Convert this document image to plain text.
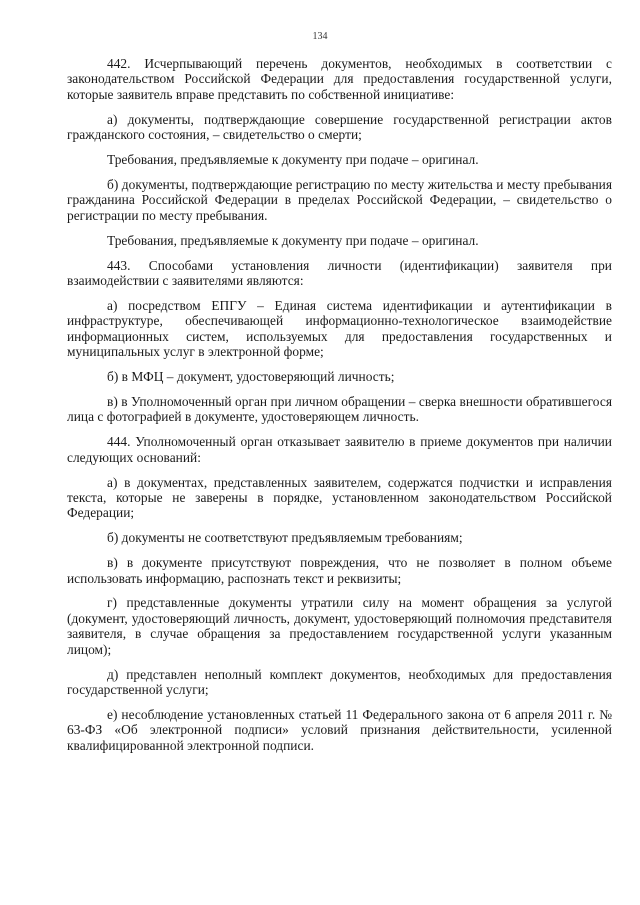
134

442. Исчерпывающий перечень документов, необходимых в соответствии с законодательством Российской Федерации для предоставления государственной услуги, которые заявитель вправе представить по собственной инициативе:

а) документы, подтверждающие совершение государственной регистрации актов гражданского состояния, – свидетельство о смерти;

Требования, предъявляемые к документу при подаче – оригинал.

б) документы, подтверждающие регистрацию по месту жительства и месту пребывания гражданина Российской Федерации в пределах Российской Федерации, – свидетельство о регистрации по месту пребывания.

Требования, предъявляемые к документу при подаче – оригинал.

443. Способами установления личности (идентификации) заявителя при взаимодействии с заявителями являются:

а) посредством ЕПГУ – Единая система идентификации и аутентификации в инфраструктуре, обеспечивающей информационно-технологическое взаимодействие информационных систем, используемых для предоставления государственных и муниципальных услуг в электронной форме;

б) в МФЦ – документ, удостоверяющий личность;

в) в Уполномоченный орган при личном обращении – сверка внешности обратившегося лица с фотографией в документе, удостоверяющем личность.

444. Уполномоченный орган отказывает заявителю в приеме документов при наличии следующих оснований:

а) в документах, представленных заявителем, содержатся подчистки и исправления текста, которые не заверены в порядке, установленном законодательством Российской Федерации;

б) документы не соответствуют предъявляемым требованиям;

в) в документе присутствуют повреждения, что не позволяет в полном объеме использовать информацию, распознать текст и реквизиты;

г) представленные документы утратили силу на момент обращения за услугой (документ, удостоверяющий личность, документ, удостоверяющий полномочия представителя заявителя, в случае обращения за предоставлением государственной услуги указанным лицом);

д) представлен неполный комплект документов, необходимых для предоставления государственной услуги;

е) несоблюдение установленных статьей 11 Федерального закона от 6 апреля 2011 г. № 63-ФЗ «Об электронной подписи» условий признания действительности, усиленной квалифицированной электронной подписи.
